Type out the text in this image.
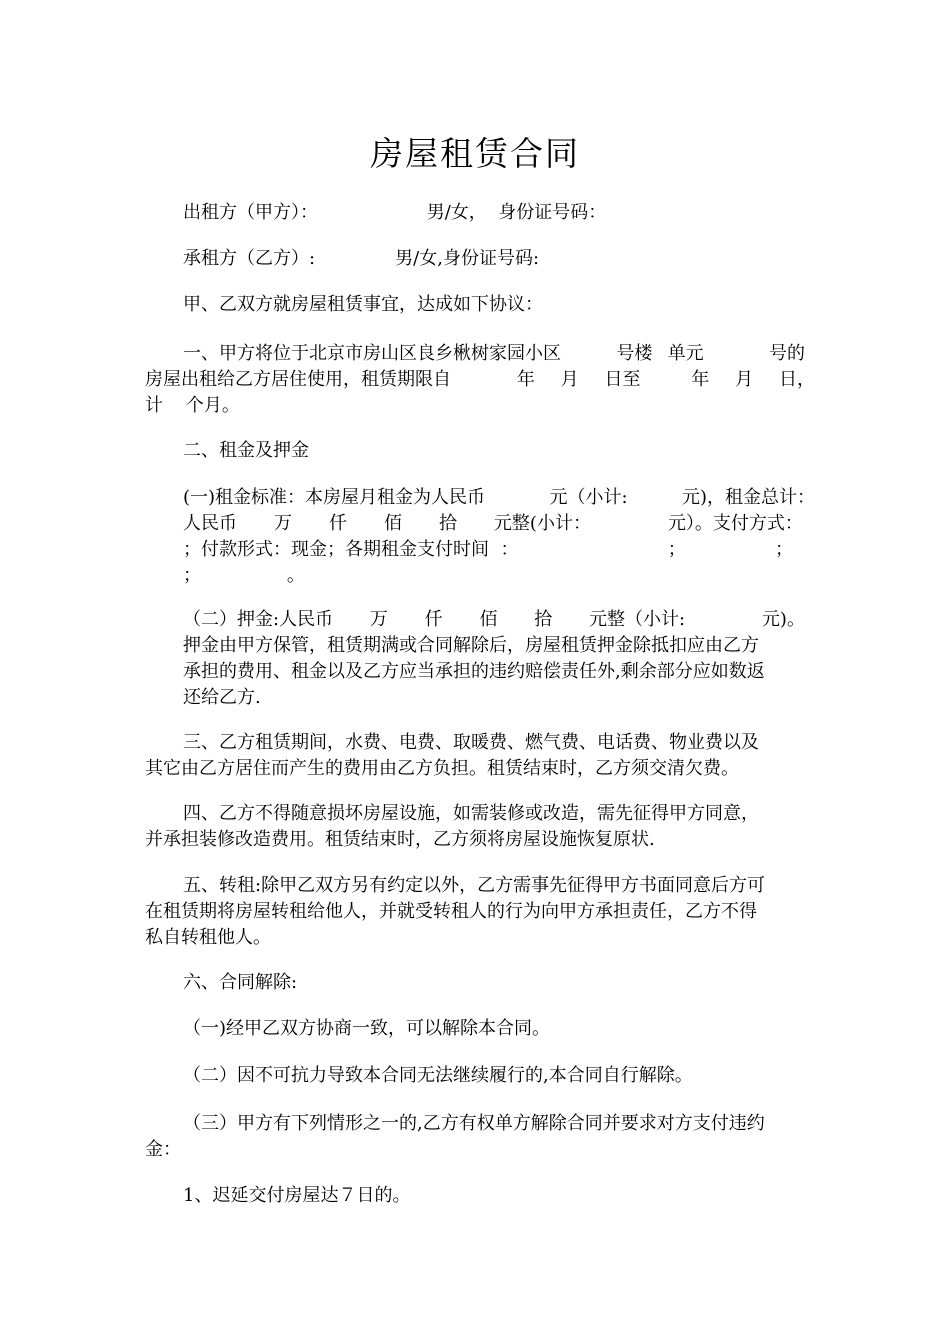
房屋租赁合同

出租方（甲方）：                   男/女，  身份证号码：

承租方（乙方）:              男/女,身份证号码:

甲、乙双方就房屋租赁事宜，达成如下协议：

一、甲方将位于北京市房山区良乡楸树家园小区	号楼 单元	号的
房屋出租给乙方居住使用，租赁期限自	年 月 日至	年 月 日，

计    个月。

二、租金及押金

(一)租金标准：本房屋月租金为人民币	元（小计:	元)，租金总计：
人民币 万 仟 佰 拾 元整(小计：	元）。支付方式：
；付款形式：现金；各期租金支付时间  ：	；	；

；               。

（二）押金:人民币 万 仟 佰 拾 元整（小计:	元)。

押金由甲方保管，租赁期满或合同解除后，房屋租赁押金除抵扣应由乙方

承担的费用、租金以及乙方应当承担的违约赔偿责任外,剩余部分应如数返

还给乙方.

三、乙方租赁期间，水费、电费、取暖费、燃气费、电话费、物业费以及

其它由乙方居住而产生的费用由乙方负担。租赁结束时，乙方须交清欠费。

四、乙方不得随意损坏房屋设施，如需装修或改造，需先征得甲方同意，

并承担装修改造费用。租赁结束时，乙方须将房屋设施恢复原状.

五、转租:除甲乙双方另有约定以外，乙方需事先征得甲方书面同意后方可

在租赁期将房屋转租给他人，并就受转租人的行为向甲方承担责任，乙方不得

私自转租他人。

六、合同解除:

（一)经甲乙双方协商一致，可以解除本合同。

（二）因不可抗力导致本合同无法继续履行的,本合同自行解除。

（三）甲方有下列情形之一的,乙方有权单方解除合同并要求对方支付违约

金：

1、迟延交付房屋达７日的。
